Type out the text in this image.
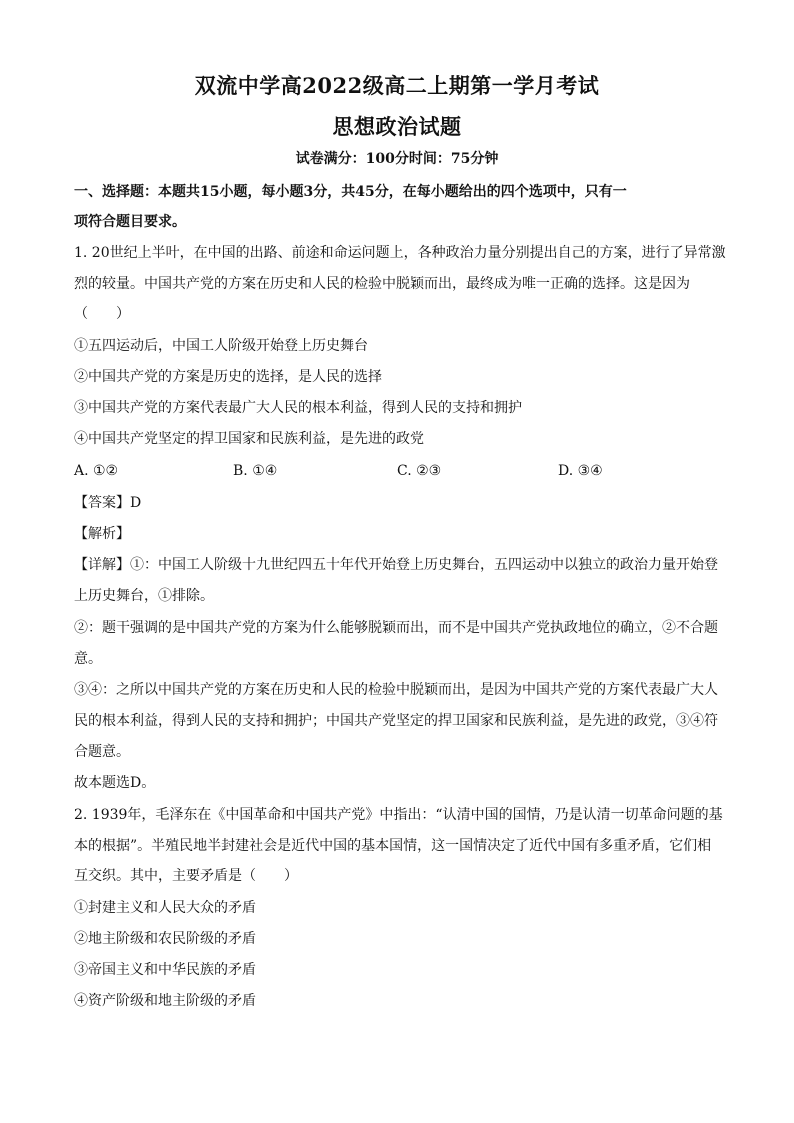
双流中学高2022级高二上期第一学月考试
思想政治试题
试卷满分：100分时间：75分钟
一、选择题：本题共15小题，每小题3分，共45分，在每小题给出的四个选项中，只有一
项符合题目要求。
1. 20世纪上半叶，在中国的出路、前途和命运问题上，各种政治力量分别提出自己的方案，进行了异常激
烈的较量。中国共产党的方案在历史和人民的检验中脱颖而出，最终成为唯一正确的选择。这是因为
（　　）
①五四运动后，中国工人阶级开始登上历史舞台
②中国共产党的方案是历史的选择，是人民的选择
③中国共产党的方案代表最广大人民的根本利益，得到人民的支持和拥护
④中国共产党坚定的捍卫国家和民族利益，是先进的政党
A. ①②	B. ①④	C. ②③	D. ③④
【答案】D
【解析】
【详解】①：中国工人阶级十九世纪四五十年代开始登上历史舞台，五四运动中以独立的政治力量开始登
上历史舞台，①排除。
②：题干强调的是中国共产党的方案为什么能够脱颖而出，而不是中国共产党执政地位的确立，②不合题
意。
③④：之所以中国共产党的方案在历史和人民的检验中脱颖而出，是因为中国共产党的方案代表最广大人
民的根本利益，得到人民的支持和拥护；中国共产党坚定的捍卫国家和民族利益，是先进的政党，③④符
合题意。
故本题选D。
2. 1939年，毛泽东在《中国革命和中国共产党》中指出：“认清中国的国情，乃是认清一切革命问题的基
本的根据”。半殖民地半封建社会是近代中国的基本国情，这一国情决定了近代中国有多重矛盾，它们相
互交织。其中，主要矛盾是（　　）
①封建主义和人民大众的矛盾
②地主阶级和农民阶级的矛盾
③帝国主义和中华民族的矛盾
④资产阶级和地主阶级的矛盾
